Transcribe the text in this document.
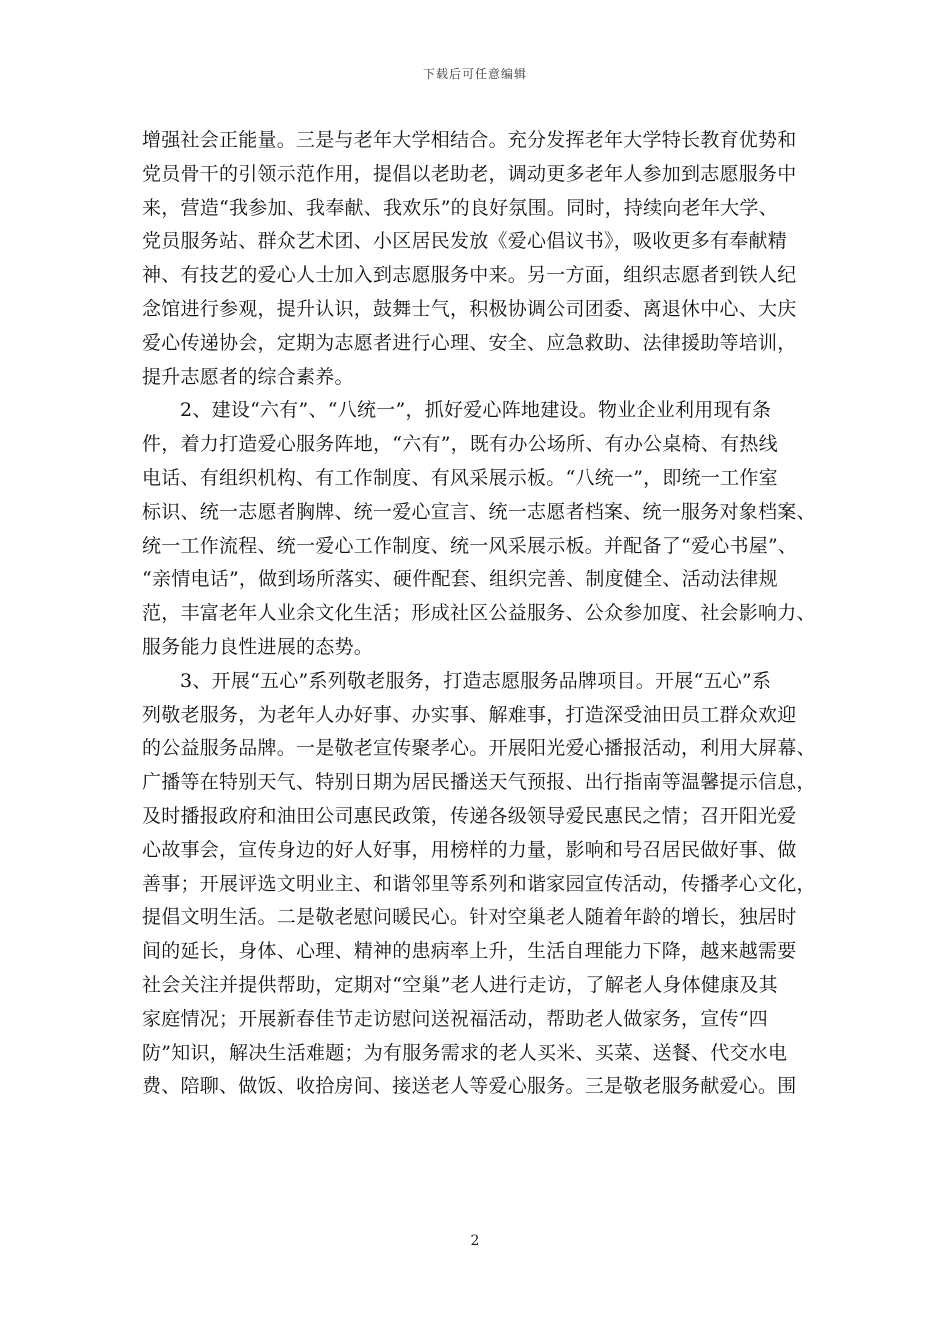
下载后可任意编辑
增强社会正能量。三是与老年大学相结合。充分发挥老年大学特长教育优势和
党员骨干的引领示范作用，提倡以老助老，调动更多老年人参加到志愿服务中
来，营造“我参加、我奉献、我欢乐”的良好氛围。同时，持续向老年大学、
党员服务站、群众艺术团、小区居民发放《爱心倡议书》，吸收更多有奉献精
神、有技艺的爱心人士加入到志愿服务中来。另一方面，组织志愿者到铁人纪
念馆进行参观，提升认识，鼓舞士气，积极协调公司团委、离退休中心、大庆
爱心传递协会，定期为志愿者进行心理、安全、应急救助、法律援助等培训，
提升志愿者的综合素养。
2、建设“六有”、“八统一”，抓好爱心阵地建设。物业企业利用现有条
件，着力打造爱心服务阵地，“六有”，既有办公场所、有办公桌椅、有热线
电话、有组织机构、有工作制度、有风采展示板。“八统一”，即统一工作室
标识、统一志愿者胸牌、统一爱心宣言、统一志愿者档案、统一服务对象档案、
统一工作流程、统一爱心工作制度、统一风采展示板。并配备了“爱心书屋”、
“亲情电话”，做到场所落实、硬件配套、组织完善、制度健全、活动法律规
范，丰富老年人业余文化生活；形成社区公益服务、公众参加度、社会影响力、
服务能力良性进展的态势。
3、开展“五心”系列敬老服务，打造志愿服务品牌项目。开展“五心”系
列敬老服务，为老年人办好事、办实事、解难事，打造深受油田员工群众欢迎
的公益服务品牌。一是敬老宣传聚孝心。开展阳光爱心播报活动，利用大屏幕、
广播等在特别天气、特别日期为居民播送天气预报、出行指南等温馨提示信息，
及时播报政府和油田公司惠民政策，传递各级领导爱民惠民之情；召开阳光爱
心故事会，宣传身边的好人好事，用榜样的力量，影响和号召居民做好事、做
善事；开展评选文明业主、和谐邻里等系列和谐家园宣传活动，传播孝心文化，
提倡文明生活。二是敬老慰问暖民心。针对空巢老人随着年龄的增长，独居时
间的延长，身体、心理、精神的患病率上升，生活自理能力下降，越来越需要
社会关注并提供帮助，定期对“空巢”老人进行走访，了解老人身体健康及其
家庭情况；开展新春佳节走访慰问送祝福活动，帮助老人做家务，宣传“四
防”知识，解决生活难题；为有服务需求的老人买米、买菜、送餐、代交水电
费、陪聊、做饭、收拾房间、接送老人等爱心服务。三是敬老服务献爱心。围
2
